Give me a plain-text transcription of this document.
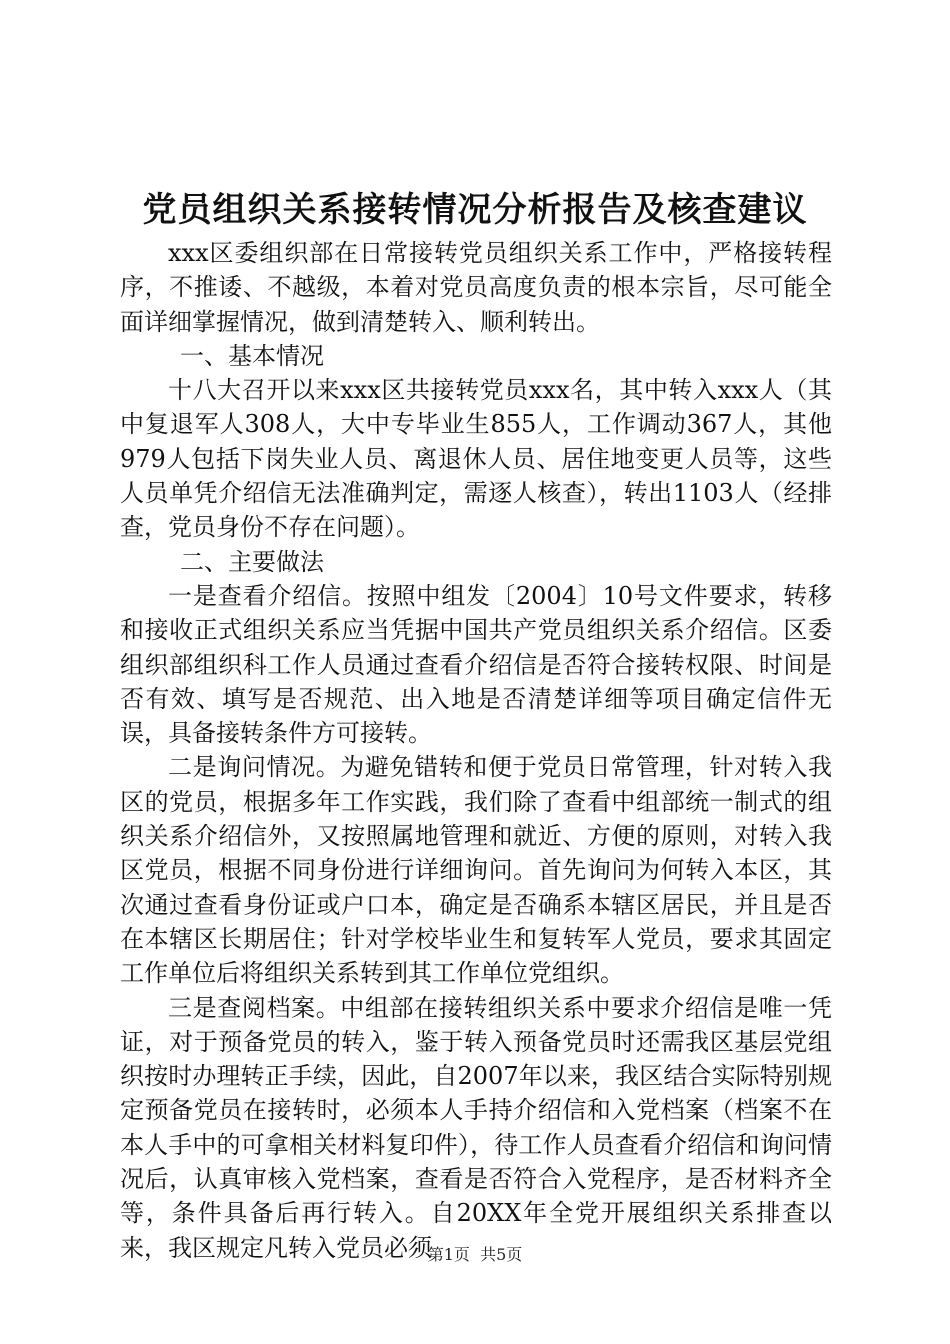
党员组织关系接转情况分析报告及核查建议

xxx区委组织部在日常接转党员组织关系工作中，严格接转程序，不推诿、不越级，本着对党员高度负责的根本宗旨，尽可能全面详细掌握情况，做到清楚转入、顺利转出。

一、基本情况

十八大召开以来xxx区共接转党员xxx名，其中转入xxx人（其中复退军人308人，大中专毕业生855人，工作调动367人，其他979人包括下岗失业人员、离退休人员、居住地变更人员等，这些人员单凭介绍信无法准确判定，需逐人核查），转出1103人（经排查，党员身份不存在问题）。

二、主要做法

一是查看介绍信。按照中组发〔2004〕10号文件要求，转移和接收正式组织关系应当凭据中国共产党员组织关系介绍信。区委组织部组织科工作人员通过查看介绍信是否符合接转权限、时间是否有效、填写是否规范、出入地是否清楚详细等项目确定信件无误，具备接转条件方可接转。

二是询问情况。为避免错转和便于党员日常管理，针对转入我区的党员，根据多年工作实践，我们除了查看中组部统一制式的组织关系介绍信外，又按照属地管理和就近、方便的原则，对转入我区党员，根据不同身份进行详细询问。首先询问为何转入本区，其次通过查看身份证或户口本，确定是否确系本辖区居民，并且是否在本辖区长期居住；针对学校毕业生和复转军人党员，要求其固定工作单位后将组织关系转到其工作单位党组织。

三是查阅档案。中组部在接转组织关系中要求介绍信是唯一凭证，对于预备党员的转入，鉴于转入预备党员时还需我区基层党组织按时办理转正手续，因此，自2007年以来，我区结合实际特别规定预备党员在接转时，必须本人手持介绍信和入党档案（档案不在本人手中的可拿相关材料复印件），待工作人员查看介绍信和询问情况后，认真审核入党档案，查看是否符合入党程序，是否材料齐全等，条件具备后再行转入。自20XX年全党开展组织关系排查以来，我区规定凡转入党员必须

第1页 共5页
